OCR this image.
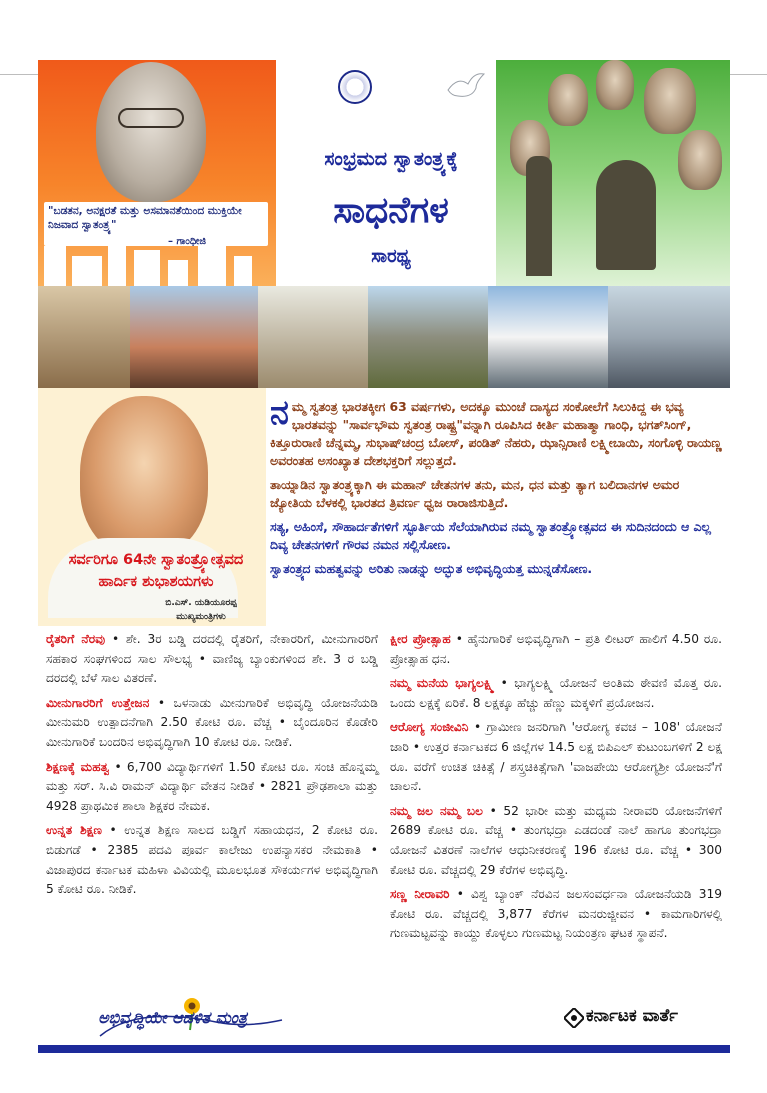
"ಬಡತನ, ಅನಕ್ಷರತೆ ಮತ್ತು ಅಸಮಾನತೆಯಿಂದ ಮುಕ್ತಿಯೇ ನಿಜವಾದ ಸ್ವಾತಂತ್ರ್ಯ"
– ಗಾಂಧೀಜಿ
ಸಂಭ್ರಮದ ಸ್ವಾತಂತ್ರ್ಯಕ್ಕೆ
ಸಾಧನೆಗಳ
ಸಾರಥ್ಯ
ಸರ್ವರಿಗೂ 64ನೇ ಸ್ವಾತಂತ್ರ್ಯೋತ್ಸವದ
ಹಾರ್ದಿಕ ಶುಭಾಶಯಗಳು
ಬಿ.ಎಸ್. ಯಡಿಯೂರಪ್ಪ
ಮುಖ್ಯಮಂತ್ರಿಗಳು

ನಮ್ಮ ಸ್ವತಂತ್ರ ಭಾರತಕ್ಕೀಗ 63 ವರ್ಷಗಳು, ಅದಕ್ಕೂ ಮುಂಚೆ ದಾಸ್ಯದ ಸಂಕೋಲೆಗೆ ಸಿಲುಕಿದ್ದ ಈ ಭವ್ಯ ಭಾರತವನ್ನು "ಸಾರ್ವಭೌಮ ಸ್ವತಂತ್ರ ರಾಷ್ಟ್ರ"ವನ್ನಾಗಿ ರೂಪಿಸಿದ ಕೀರ್ತಿ ಮಹಾತ್ಮಾ ಗಾಂಧಿ, ಭಗತ್‌ಸಿಂಗ್, ಕಿತ್ತೂರುರಾಣಿ ಚೆನ್ನಮ್ಮ, ಸುಭಾಷ್‌ಚಂದ್ರ ಬೋಸ್, ಪಂಡಿತ್ ನೆಹರು, ಝಾನ್ಸಿರಾಣಿ ಲಕ್ಷ್ಮೀಬಾಯಿ, ಸಂಗೊಳ್ಳಿ ರಾಯಣ್ಣ ಅವರಂತಹ ಅಸಂಖ್ಯಾತ ದೇಶಭಕ್ತರಿಗೆ ಸಲ್ಲುತ್ತದೆ.

ತಾಯ್ನಾಡಿನ ಸ್ವಾತಂತ್ರ್ಯಕ್ಕಾಗಿ ಈ ಮಹಾನ್ ಚೇತನಗಳ ತನು, ಮನ, ಧನ ಮತ್ತು ತ್ಯಾಗ ಬಲಿದಾನಗಳ ಅಮರ ಜ್ಯೋತಿಯ ಬೆಳಕಲ್ಲಿ ಭಾರತದ ತ್ರಿವರ್ಣ ಧ್ವಜ ರಾರಾಜಿಸುತ್ತಿದೆ.

ಸತ್ಯ, ಅಹಿಂಸೆ, ಸೌಹಾರ್ದತೆಗಳಿಗೆ ಸ್ಫೂರ್ತಿಯ ಸೆಲೆಯಾಗಿರುವ ನಮ್ಮ ಸ್ವಾತಂತ್ರ್ಯೋತ್ಸವದ ಈ ಸುದಿನದಂದು ಆ ಎಲ್ಲ ದಿವ್ಯ ಚೇತನಗಳಿಗೆ ಗೌರವ ನಮನ ಸಲ್ಲಿಸೋಣ.

ಸ್ವಾತಂತ್ರ್ಯದ ಮಹತ್ವವನ್ನು ಅರಿತು ನಾಡನ್ನು ಅದ್ಭುತ ಅಭಿವೃದ್ಧಿಯತ್ತ ಮುನ್ನಡೆಸೋಣ.

ರೈತರಿಗೆ ನೆರವು • ಶೇ. 3ರ ಬಡ್ಡಿ ದರದಲ್ಲಿ ರೈತರಿಗೆ, ನೇಕಾರರಿಗೆ, ಮೀನುಗಾರರಿಗೆ ಸಹಕಾರ ಸಂಘಗಳಿಂದ ಸಾಲ ಸೌಲಭ್ಯ • ವಾಣಿಜ್ಯ ಬ್ಯಾಂಕುಗಳಿಂದ ಶೇ. 3 ರ ಬಡ್ಡಿ ದರದಲ್ಲಿ ಬೆಳೆ ಸಾಲ ವಿತರಣೆ.

ಮೀನುಗಾರರಿಗೆ ಉತ್ತೇಜನ • ಒಳನಾಡು ಮೀನುಗಾರಿಕೆ ಅಭಿವೃದ್ಧಿ ಯೋಜನೆಯಡಿ ಮೀನುಮರಿ ಉತ್ಪಾದನೆಗಾಗಿ 2.50 ಕೋಟಿ ರೂ. ವೆಚ್ಚ • ಬೈಂದೂರಿನ ಕೊಡೇರಿ ಮೀನುಗಾರಿಕೆ ಬಂದರಿನ ಅಭಿವೃದ್ಧಿಗಾಗಿ 10 ಕೋಟಿ ರೂ. ನೀಡಿಕೆ.

ಶಿಕ್ಷಣಕ್ಕೆ ಮಹತ್ವ • 6,700 ವಿದ್ಯಾರ್ಥಿಗಳಿಗೆ 1.50 ಕೋಟಿ ರೂ. ಸಂಚಿ ಹೊನ್ನಮ್ಮ ಮತ್ತು ಸರ್. ಸಿ.ವಿ ರಾಮನ್ ವಿದ್ಯಾರ್ಥಿ ವೇತನ ನೀಡಿಕೆ • 2821 ಪ್ರೌಢಶಾಲಾ ಮತ್ತು 4928 ಪ್ರಾಥಮಿಕ ಶಾಲಾ ಶಿಕ್ಷಕರ ನೇಮಕ.

ಉನ್ನತ ಶಿಕ್ಷಣ • ಉನ್ನತ ಶಿಕ್ಷಣ ಸಾಲದ ಬಡ್ಡಿಗೆ ಸಹಾಯಧನ, 2 ಕೋಟಿ ರೂ. ಬಿಡುಗಡೆ • 2385 ಪದವಿ ಪೂರ್ವ ಕಾಲೇಜು ಉಪನ್ಯಾಸಕರ ನೇಮಕಾತಿ • ವಿಜಾಪುರದ ಕರ್ನಾಟಕ ಮಹಿಳಾ ವಿವಿಯಲ್ಲಿ ಮೂಲಭೂತ ಸೌಕರ್ಯಗಳ ಅಭಿವೃದ್ಧಿಗಾಗಿ 5 ಕೋಟಿ ರೂ. ನೀಡಿಕೆ.

ಕ್ಷೀರ ಪ್ರೋತ್ಸಾಹ • ಹೈನುಗಾರಿಕೆ ಅಭಿವೃದ್ಧಿಗಾಗಿ – ಪ್ರತಿ ಲೀಟರ್ ಹಾಲಿಗೆ 4.50 ರೂ. ಪ್ರೋತ್ಸಾಹ ಧನ.

ನಮ್ಮ ಮನೆಯ ಭಾಗ್ಯಲಕ್ಷ್ಮಿ • ಭಾಗ್ಯಲಕ್ಷ್ಮಿ ಯೋಜನೆ ಅಂತಿಮ ಠೇವಣಿ ಮೊತ್ತ ರೂ. ಒಂದು ಲಕ್ಷಕ್ಕೆ ಏರಿಕೆ. 8 ಲಕ್ಷಕ್ಕೂ ಹೆಚ್ಚು ಹೆಣ್ಣು ಮಕ್ಕಳಿಗೆ ಪ್ರಯೋಜನ.

ಆರೋಗ್ಯ ಸಂಜೀವಿನಿ • ಗ್ರಾಮೀಣ ಜನರಿಗಾಗಿ 'ಆರೋಗ್ಯ ಕವಚ – 108' ಯೋಜನೆ ಜಾರಿ • ಉತ್ತರ ಕರ್ನಾಟಕದ 6 ಜಿಲ್ಲೆಗಳ 14.5 ಲಕ್ಷ ಬಿಪಿಎಲ್ ಕುಟುಂಬಗಳಿಗೆ 2 ಲಕ್ಷ ರೂ. ವರೆಗೆ ಉಚಿತ ಚಿಕಿತ್ಸೆ / ಶಸ್ತ್ರಚಿಕಿತ್ಸೆಗಾಗಿ 'ವಾಜಪೇಯಿ ಆರೋಗ್ಯಶ್ರೀ ಯೋಜನೆ'ಗೆ ಚಾಲನೆ.

ನಮ್ಮ ಜಲ ನಮ್ಮ ಬಲ • 52 ಭಾರೀ ಮತ್ತು ಮಧ್ಯಮ ನೀರಾವರಿ ಯೋಜನೆಗಳಿಗೆ 2689 ಕೋಟಿ ರೂ. ವೆಚ್ಚ • ತುಂಗಭದ್ರಾ ಎಡದಂಡೆ ನಾಲೆ ಹಾಗೂ ತುಂಗಭದ್ರಾ ಯೋಜನೆ ವಿತರಣೆ ನಾಲೆಗಳ ಆಧುನೀಕರಣಕ್ಕೆ 196 ಕೋಟಿ ರೂ. ವೆಚ್ಚ • 300 ಕೋಟಿ ರೂ. ವೆಚ್ಚದಲ್ಲಿ 29 ಕೆರೆಗಳ ಅಭಿವೃದ್ಧಿ.

ಸಣ್ಣ ನೀರಾವರಿ • ವಿಶ್ವ ಬ್ಯಾಂಕ್ ನೆರವಿನ ಜಲಸಂವರ್ಧನಾ ಯೋಜನೆಯಡಿ 319 ಕೋಟಿ ರೂ. ವೆಚ್ಚದಲ್ಲಿ 3,877 ಕೆರೆಗಳ ಮನರುಜ್ಜೀವನ • ಕಾಮಗಾರಿಗಳಲ್ಲಿ ಗುಣಮಟ್ಟವನ್ನು ಕಾಯ್ದು ಕೊಳ್ಳಲು ಗುಣಮಟ್ಟ ನಿಯಂತ್ರಣ ಘಟಕ ಸ್ಥಾಪನೆ.

ಅಭಿವೃದ್ಧಿಯೇ ಆಡಳಿತ ಮಂತ್ರ	ಕರ್ನಾಟಕ ವಾರ್ತೆ
